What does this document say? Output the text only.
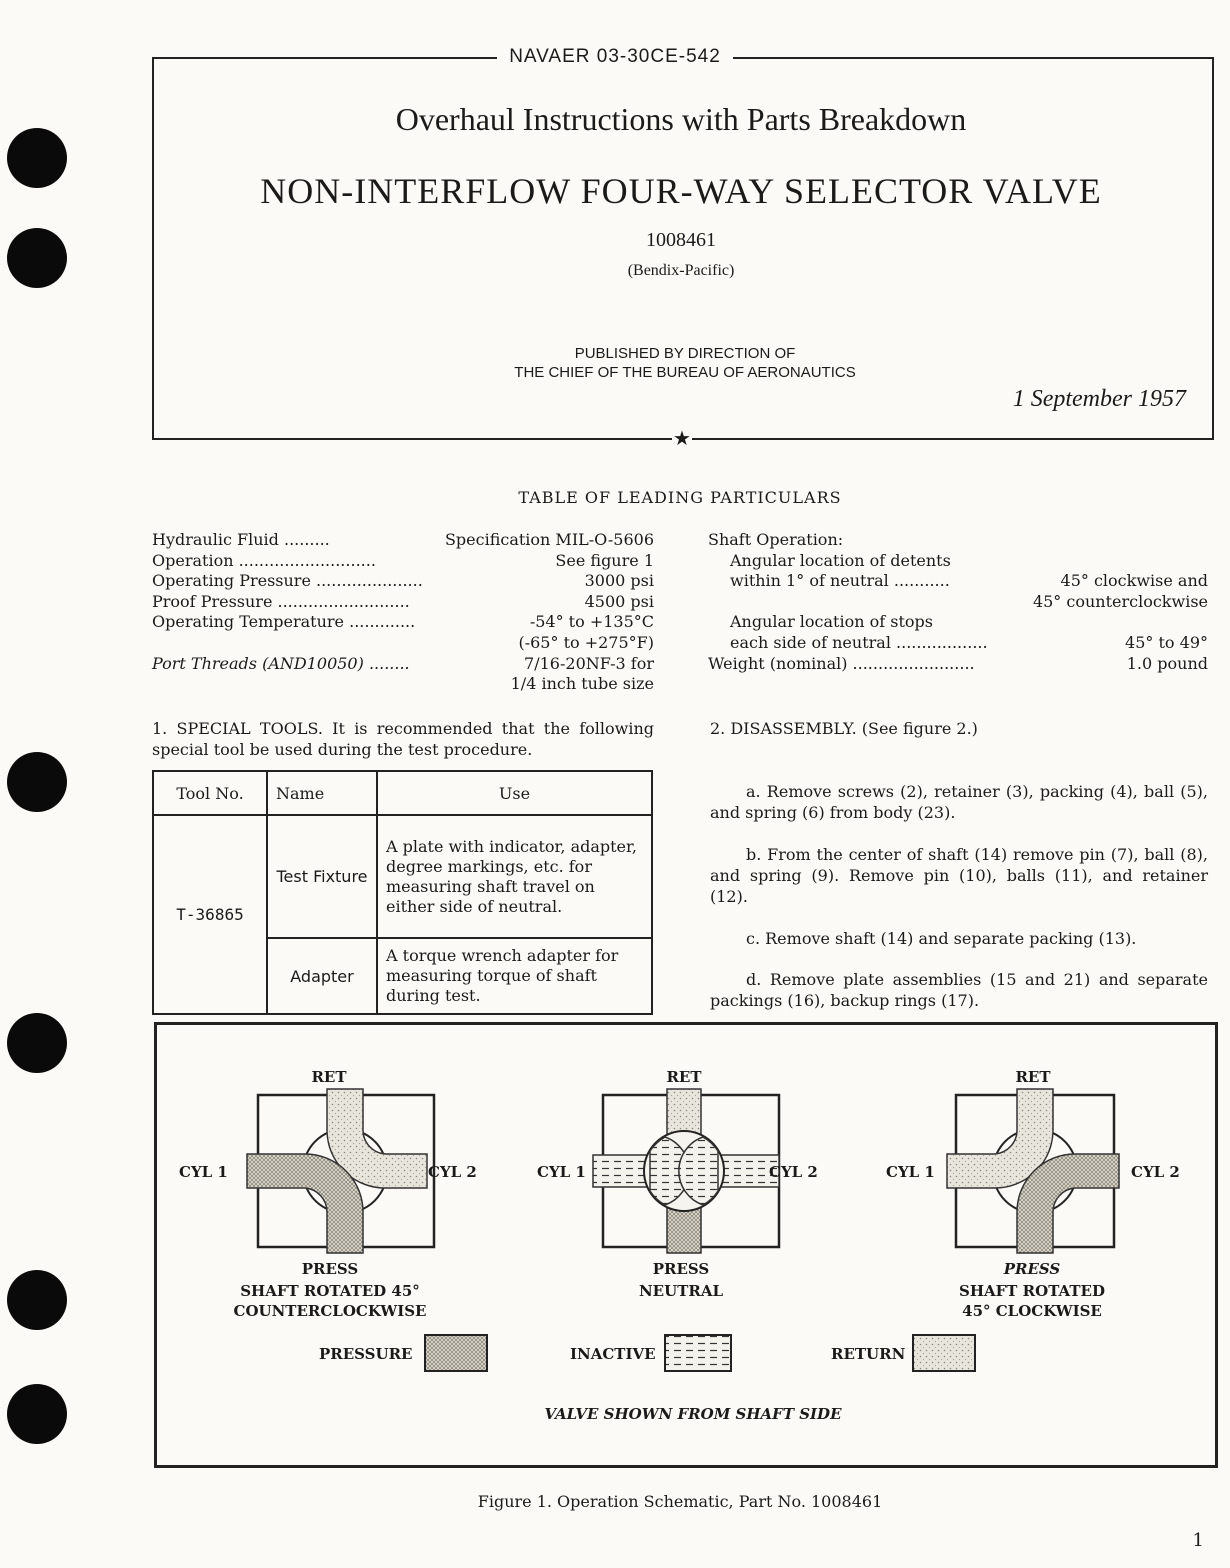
★
NAVAER 03-30CE-542
Overhaul Instructions with Parts Breakdown
NON-INTERFLOW FOUR-WAY SELECTOR VALVE
1008461
(Bendix-Pacific)
PUBLISHED BY DIRECTION OF
THE CHIEF OF THE BUREAU OF AERONAUTICS
1 September 1957
TABLE OF LEADING PARTICULARS
Hydraulic Fluid .........	Specification MIL-O-5606
Operation ...........................	See figure 1
Operating Pressure .....................	3000 psi
Proof Pressure ..........................	4500 psi
Operating Temperature .............	-54° to +135°C
(-65° to +275°F)
Port Threads (AND10050) ........	7/16-20NF-3 for
1/4 inch tube size
Shaft Operation:
Angular location of detents
within 1° of neutral ...........	45° clockwise and
45° counterclockwise
Angular location of stops
each side of neutral ..................	45° to 49°
Weight (nominal) ........................	1.0 pound
1. SPECIAL TOOLS. It is recommended that the following special tool be used during the test procedure.
Tool No.	Name	Use
T-36865	Test Fixture	A plate with indicator, adapter, degree markings, etc. for measuring shaft travel on either side of neutral.
	Adapter	A torque wrench adapter for measuring torque of shaft during test.
2. DISASSEMBLY. (See figure 2.)
a. Remove screws (2), retainer (3), packing (4), ball (5), and spring (6) from body (23).
b. From the center of shaft (14) remove pin (7), ball (8), and spring (9). Remove pin (10), balls (11), and retainer (12).
c. Remove shaft (14) and separate packing (13).
d. Remove plate assemblies (15 and 21) and separate packings (16), backup rings (17).
RET
CYL 1	CYL 2
PRESS
SHAFT ROTATED 45°
COUNTERCLOCKWISE
RET
CYL 1	CYL 2
PRESS
NEUTRAL
RET
CYL 1	CYL 2
PRESS
SHAFT ROTATED
45° CLOCKWISE
PRESSURE	INACTIVE	RETURN
VALVE SHOWN FROM SHAFT SIDE
Figure 1. Operation Schematic, Part No. 1008461
1
